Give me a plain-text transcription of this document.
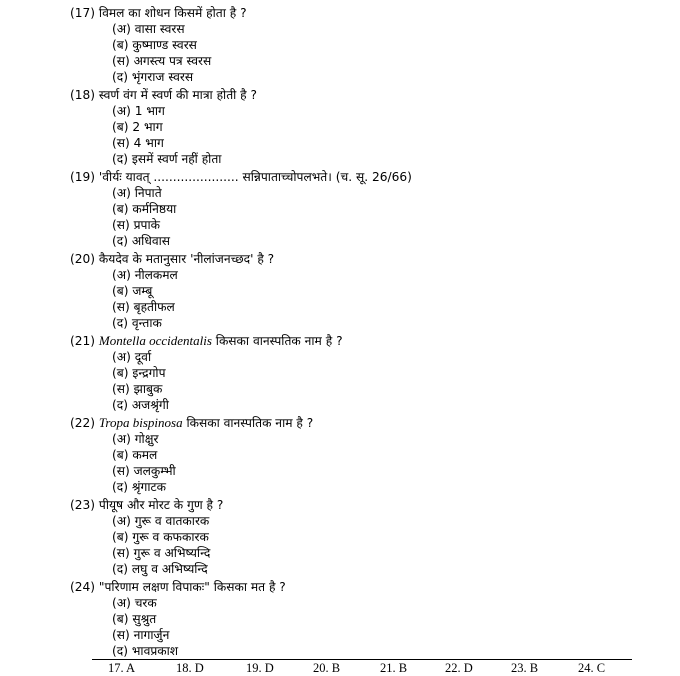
(17) विमल का शोधन किसमें होता है ?
(अ) वासा स्वरस
(ब) कुष्माण्ड स्वरस
(स) अगस्त्य पत्र स्वरस
(द) भृंगराज स्वरस
(18) स्वर्ण वंग में स्वर्ण की मात्रा होती है ?
(अ) 1 भाग
(ब) 2 भाग
(स) 4 भाग
(द) इसमें स्वर्ण नहीं होता
(19) 'वीर्यः यावत् ...................... सन्निपाताच्चोपलभते। (च. सू. 26/66)
(अ) निपाते
(ब) कर्मनिष्ठया
(स) प्रपाके
(द) अधिवास
(20) कैयदेव के मतानुसार 'नीलांजनच्छद' है ?
(अ) नीलकमल
(ब) जम्बू
(स) बृहतीफल
(द) वृन्ताक
(21) Montella occidentalis किसका वानस्पतिक नाम है ?
(अ) दूर्वा
(ब) इन्द्रगोप
(स) झाबुक
(द) अजश्रृंगी
(22) Tropa bispinosa किसका वानस्पतिक नाम है ?
(अ) गोक्षुर
(ब) कमल
(स) जलकुम्भी
(द) श्रृंगाटक
(23) पीयूष और मोरट के गुण है ?
(अ) गुरू व वातकारक
(ब) गुरू व कफकारक
(स) गुरू व अभिष्यन्दि
(द) लघु व अभिष्यन्दि
(24) "परिणाम लक्षण विपाकः" किसका मत है ?
(अ) चरक
(ब) सुश्रुत
(स) नागार्जुन
(द) भावप्रकाश
17. A	18. D	19. D	20. B	21. B	22. D	23. B	24. C
